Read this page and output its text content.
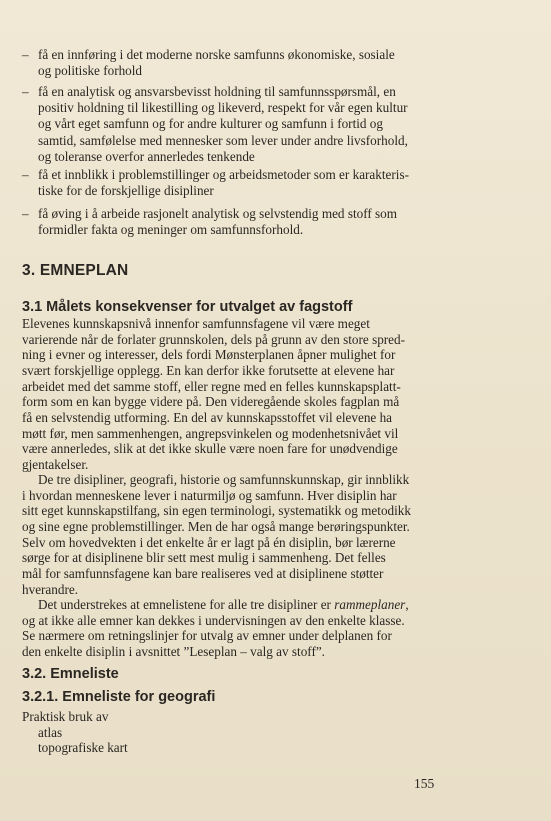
– få en innføring i det moderne norske samfunns økonomiske, sosiale
og politiske forhold
– få en analytisk og ansvarsbevisst holdning til samfunnsspørsmål, en
positiv holdning til likestilling og likeverd, respekt for vår egen kultur
og vårt eget samfunn og for andre kulturer og samfunn i fortid og
samtid, samfølelse med mennesker som lever under andre livsforhold,
og toleranse overfor annerledes tenkende
– få et innblikk i problemstillinger og arbeidsmetoder som er karakteris-
tiske for de forskjellige disipliner
– få øving i å arbeide rasjonelt analytisk og selvstendig med stoff som
formidler fakta og meninger om samfunnsforhold.
3. EMNEPLAN
3.1 Målets konsekvenser for utvalget av fagstoff
Elevenes kunnskapsnivå innenfor samfunnsfagene vil være meget
varierende når de forlater grunnskolen, dels på grunn av den store spred-
ning i evner og interesser, dels fordi Mønsterplanen åpner mulighet for
svært forskjellige opplegg. En kan derfor ikke forutsette at elevene har
arbeidet med det samme stoff, eller regne med en felles kunnskapsplatt-
form som en kan bygge videre på. Den videregående skoles fagplan må
få en selvstendig utforming. En del av kunnskapsstoffet vil elevene ha
møtt før, men sammenhengen, angrepsvinkelen og modenhetsnivået vil
være annerledes, slik at det ikke skulle være noen fare for unødvendige
gjentakelser.
De tre disipliner, geografi, historie og samfunnskunnskap, gir innblikk
i hvordan menneskene lever i naturmiljø og samfunn. Hver disiplin har
sitt eget kunnskapstilfang, sin egen terminologi, systematikk og metodikk
og sine egne problemstillinger. Men de har også mange berøringspunkter.
Selv om hovedvekten i det enkelte år er lagt på én disiplin, bør lærerne
sørge for at disiplinene blir sett mest mulig i sammenheng. Det felles
mål for samfunnsfagene kan bare realiseres ved at disiplinene støtter
hverandre.
Det understrekes at emnelistene for alle tre disipliner er rammeplaner,
og at ikke alle emner kan dekkes i undervisningen av den enkelte klasse.
Se nærmere om retningslinjer for utvalg av emner under delplanen for
den enkelte disiplin i avsnittet ”Leseplan – valg av stoff”.
3.2. Emneliste
3.2.1. Emneliste for geografi
Praktisk bruk av
atlas
topografiske kart
155
